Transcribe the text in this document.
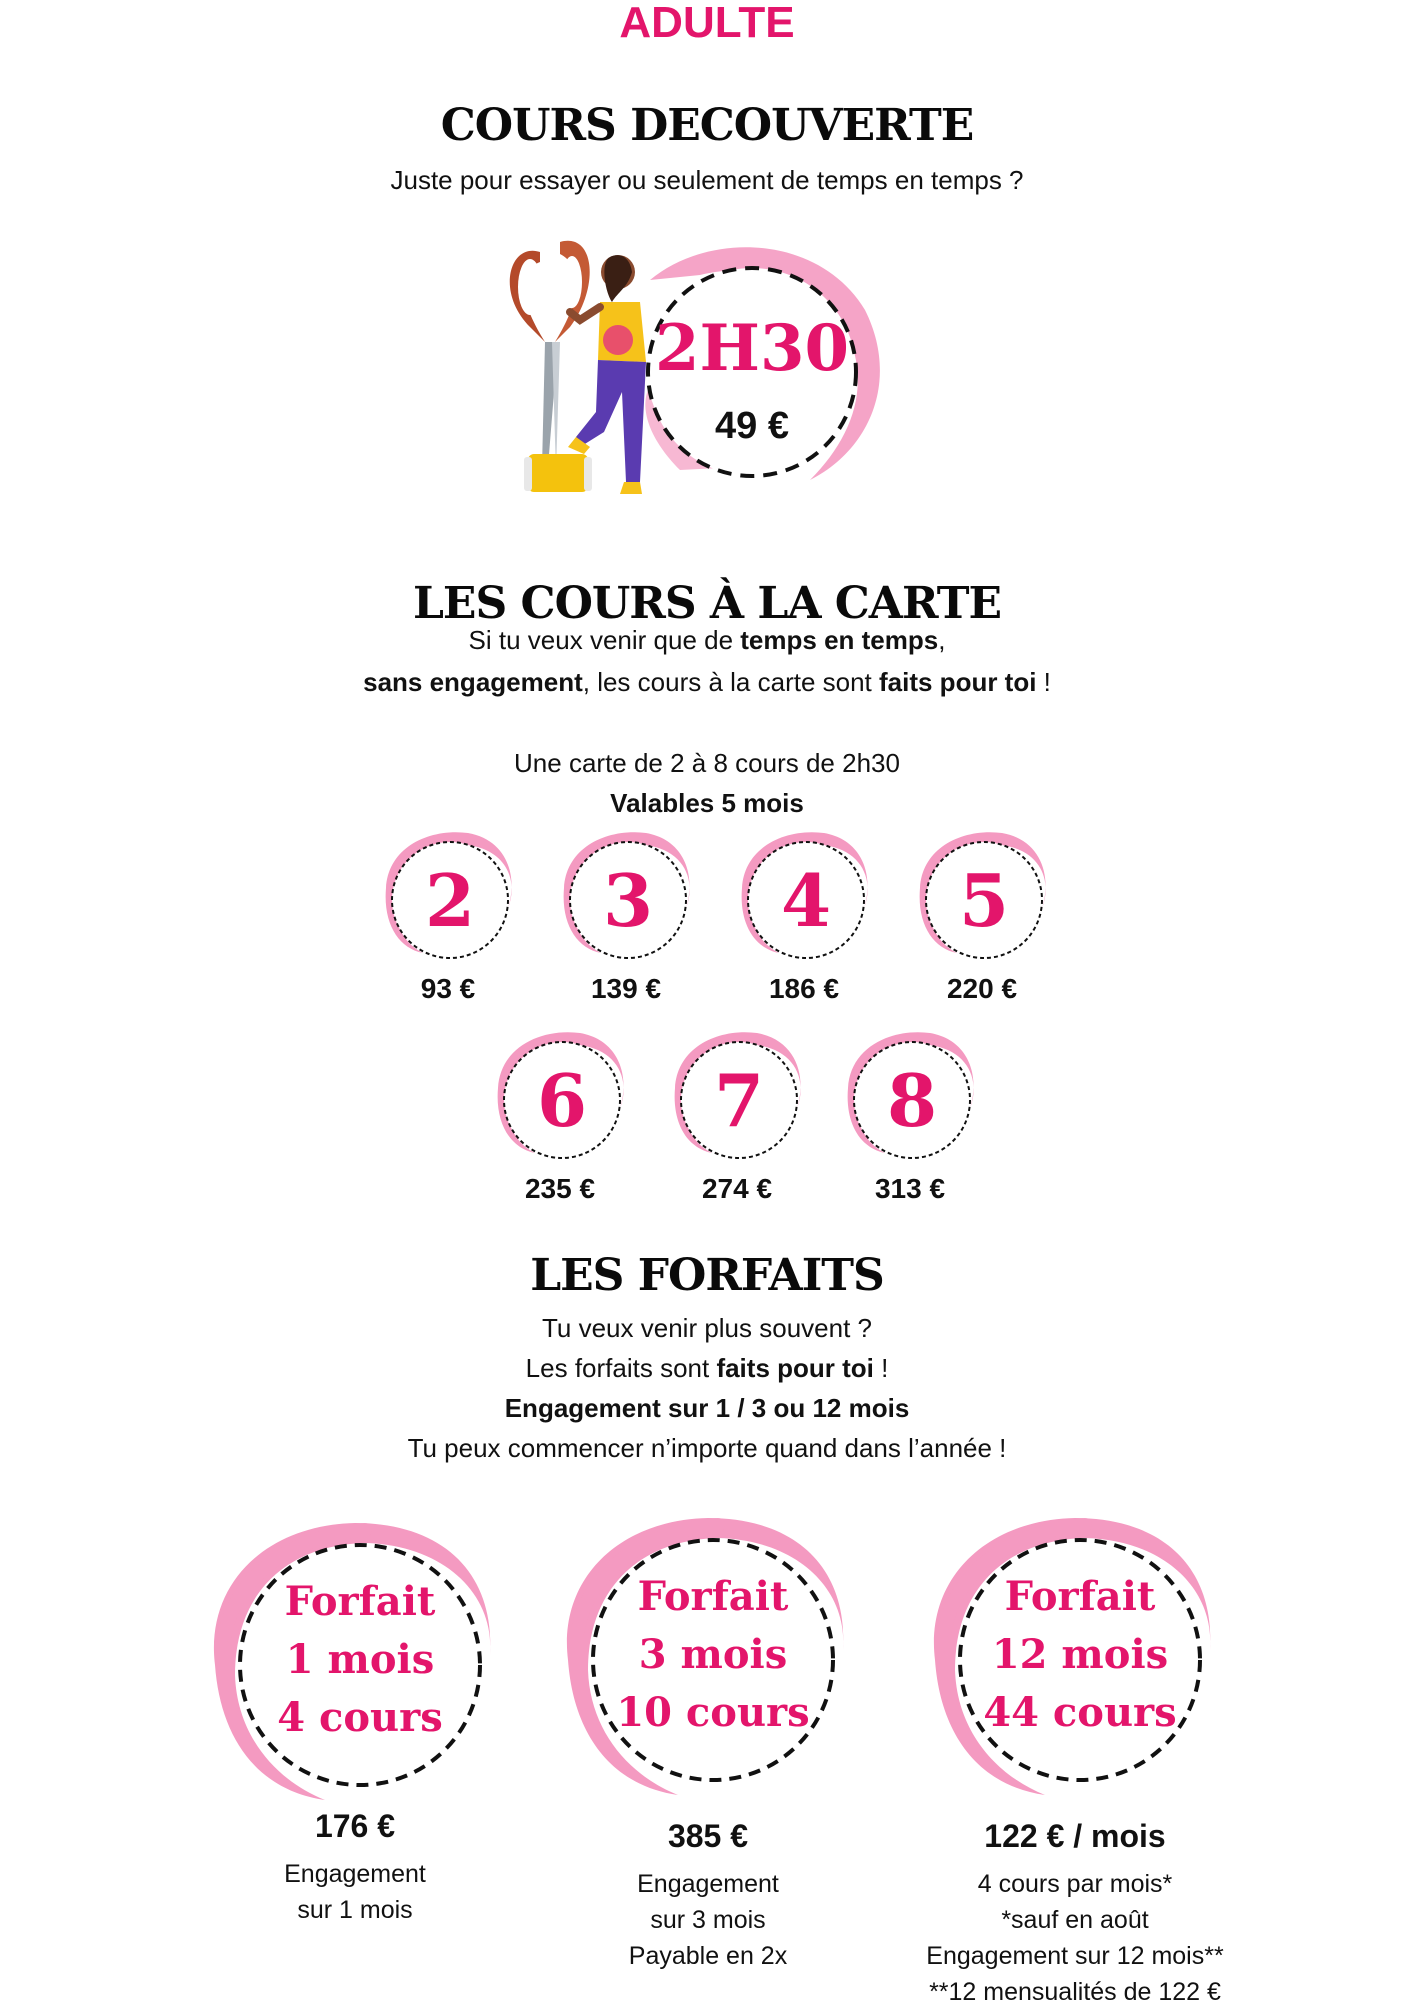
ADULTE
COURS DECOUVERTE
Juste pour essayer ou seulement de temps en temps ?
2H30
49 €
LES COURS À LA CARTE
Si tu veux venir que de temps en temps,
sans engagement, les cours à la carte sont faits pour toi !
Une carte de 2 à 8 cours de 2h30
Valables 5 mois
2
93 €
3
139 €
4
186 €
5
220 €
6
235 €
7
274 €
8
313 €
LES FORFAITS
Tu veux venir plus souvent ?
Les forfaits sont faits pour toi !
Engagement sur 1 / 3 ou 12 mois
Tu peux commencer n’importe quand dans l’année !
Forfait
1 mois
4 cours
176 €
Engagement
sur 1 mois
Forfait
3 mois
10 cours
385 €
Engagement
sur 3 mois
Payable en 2x
Forfait
12 mois
44 cours
122 € / mois
4 cours par mois*
*sauf en août
Engagement sur 12 mois**
**12 mensualités de 122 €
